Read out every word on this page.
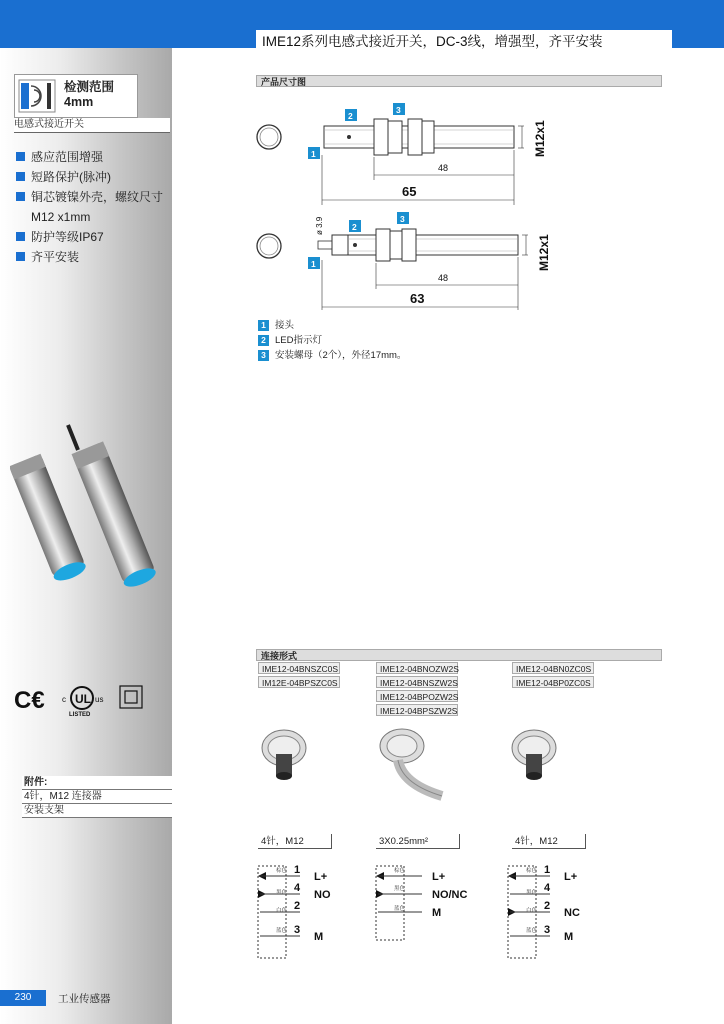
IME12系列电感式接近开关，DC-3线，增强型，齐平安装
检测范围
4mm
电感式接近开关
感应范围增强
短路保护(脉冲)
铜芯镀镍外壳，螺纹尺寸
M12 x1mm
防护等级IP67
齐平安装
C€	UL
c	us
LISTED
附件:
4针，M12 连接器
安装支架
230	工业传感器
产品尺寸图
48
65
M12x1
1
2
3
ø 3.9
48
63
M12x1
1
2
3
1 接头
2 LED指示灯
3 安装螺母（2个），外径17mm。
连接形式
IME12-04BNSZC0S
IM12E-04BPSZC0S
IME12-04BNOZW2S
IME12-04BNSZW2S
IME12-04BPOZW2S
IME12-04BPSZW2S
IME12-04BN0ZC0S
IME12-04BP0ZC0S
4针，M12	3X0.25mm²	4针，M12
棕色
黑色
白色
蓝色
1
4
2
3
L+
NO
M
棕色
黑色
蓝色
L+
NO/NC
M
棕色
黑色
白色
蓝色
1
4
2
3
L+
NC
M
